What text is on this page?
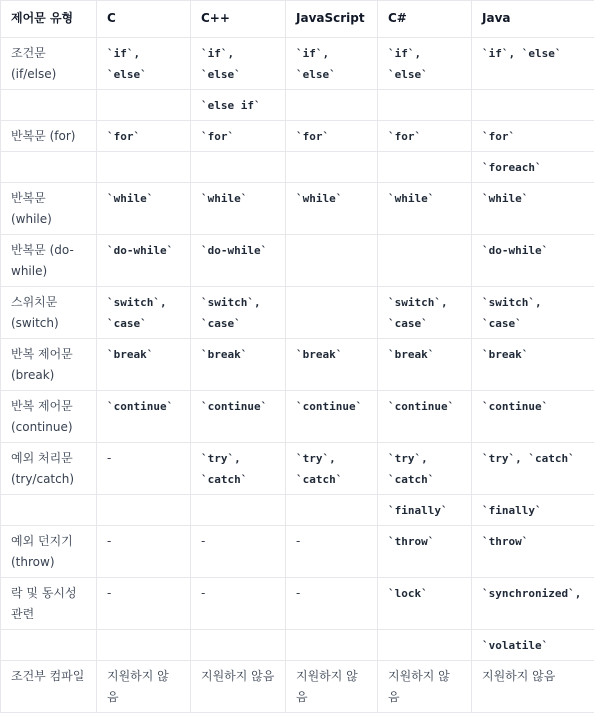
제어문 유형	C	C++	JavaScript	C#	Java
조건문 (if/else)	`if`, `else`	`if`, `else`	`if`, `else`	`if`, `else`	`if`, `else`
		`else if`			
반복문 (for)	`for`	`for`	`for`	`for`	`for`
					`foreach`
반복문 (while)	`while`	`while`	`while`	`while`	`while`
반복문 (do-while)	`do-while`	`do-while`			`do-while`
스위치문 (switch)	`switch`, `case`	`switch`, `case`		`switch`, `case`	`switch`, `case`
반복 제어문 (break)	`break`	`break`	`break`	`break`	`break`
반복 제어문 (continue)	`continue`	`continue`	`continue`	`continue`	`continue`
예외 처리문 (try/catch)	-	`try`, `catch`	`try`, `catch`	`try`, `catch`	`try`, `catch`
				`finally`	`finally`
예외 던지기 (throw)	-	-	-	`throw`	`throw`
락 및 동시성 관련	-	-	-	`lock`	`synchronized`,
					`volatile`
조건부 컴파일	지원하지 않음	지원하지 않음	지원하지 않음	지원하지 않음	지원하지 않음
